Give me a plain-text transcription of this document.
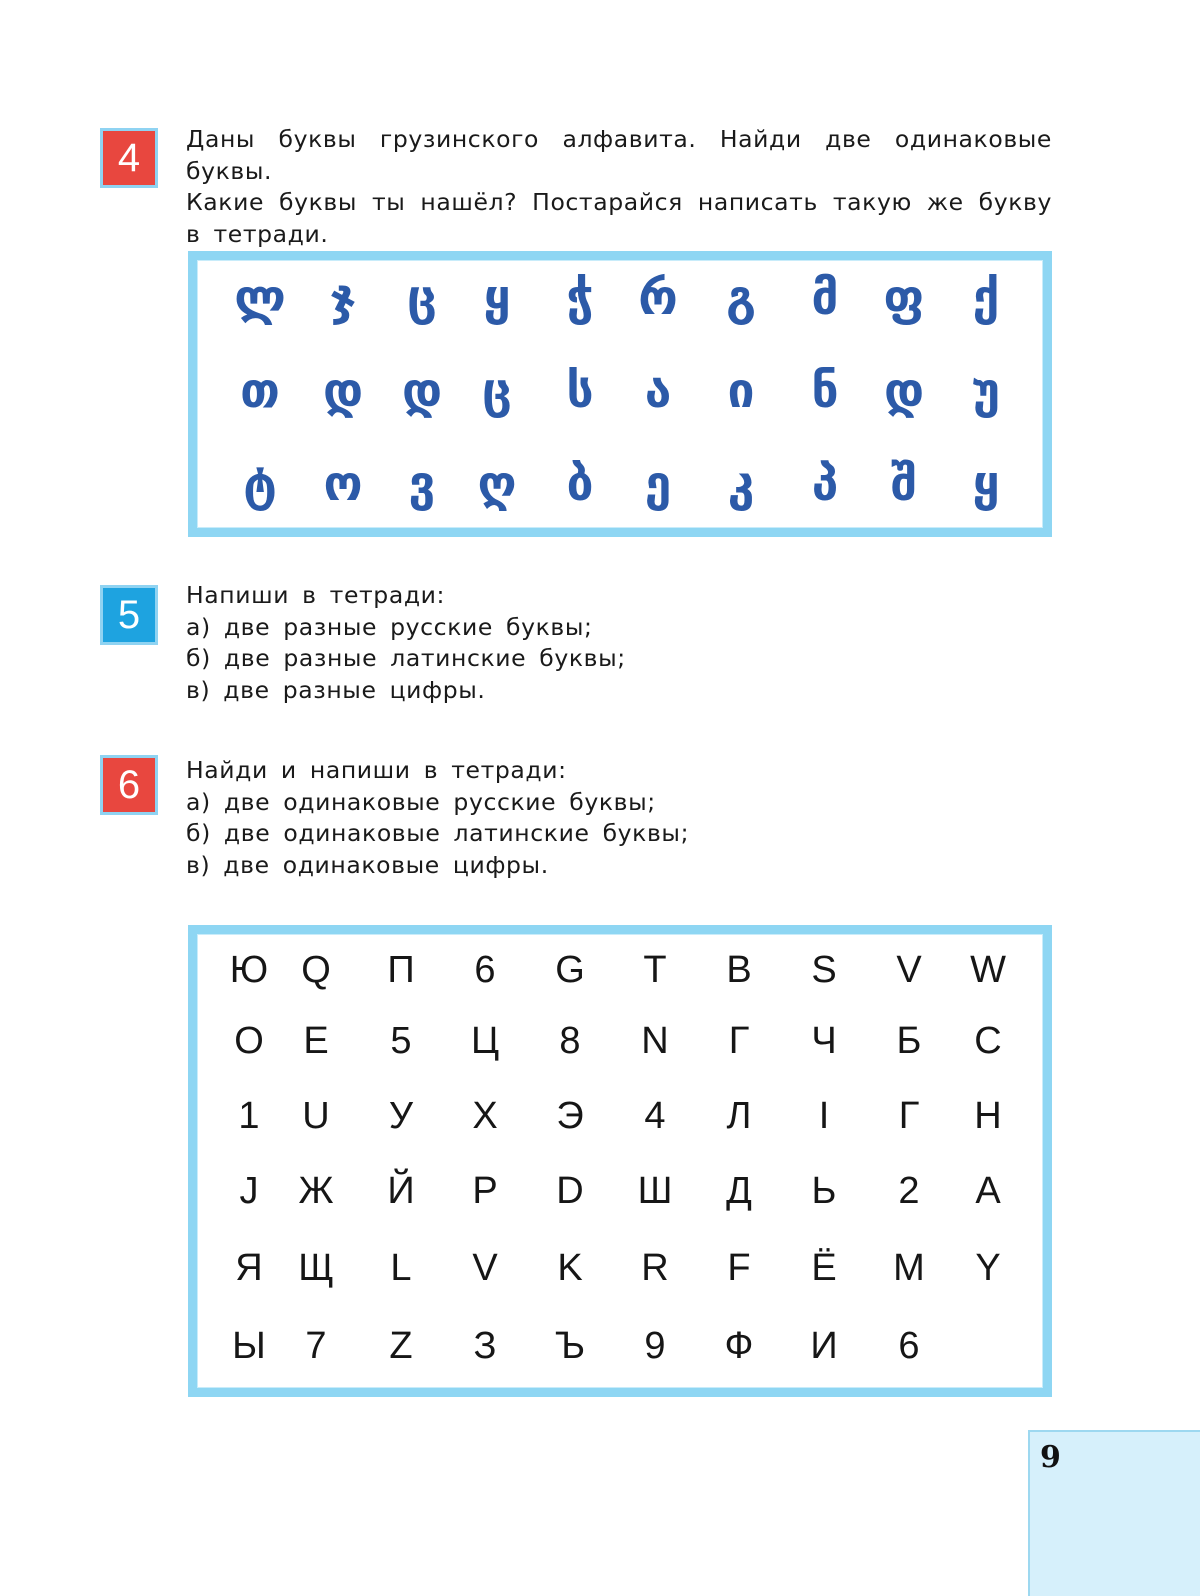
4 Даны буквы грузинского алфавита. Найди две одинаковые буквы.

Какие буквы ты нашёл? Постарайся написать такую же букву

в тетради.

ლ ჯ	ც ყ	ჭ რ	გ	მ ფ	ქ
თ დ დ ც	ს	ა	ი	ნ დ უ
ტ ო ვ ღ	ბ	ე	კ	პ	შ	ყ
5 Напиши в тетради:

а) две разные русские буквы;

б) две разные латинские буквы;

в) две разные цифры.

6 Найди и напиши в тетради:

а) две одинаковые русские буквы;

б) две одинаковые латинские буквы;

в) две одинаковые цифры.

Ю Q	П	6	G	T	B	S	V	W
O	E	5	Ц	8	N	Г	Ч	Б	C
1	U	У	X	Э	4	Л	I	Г	H
J	Ж	Й	P	D	Ш	Д	Ь	2	A
Я Щ	L	V	K	R	F	Ё	M	Y
Ы	7	Z	З	Ъ	9	Ф	И	6
9
